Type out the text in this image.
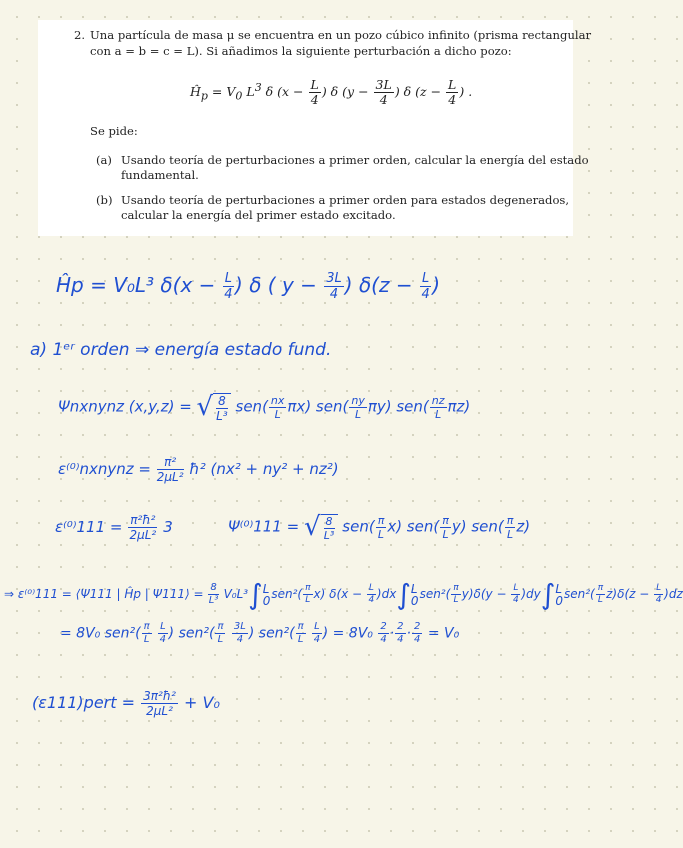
2. Una partícula de masa μ se encuentra en un pozo cúbico infinito (prisma rectangular
con a = b = c = L). Si añadimos la siguiente perturbación a dicho pozo:
$Ĥ_p = V_0$ $L^3$ δ ($x - \frac{L}{4}$ ) δ ($y - \frac{3L}{4}$ ) δ ($z - \frac{L}{4}$ ) .
Se pide:
(a) Usando teoría de perturbaciones a primer orden, calcular la energía del estado
fundamental.
(b) Usando teoría de perturbaciones a primer orden para estados degenerados,
calcular la energía del primer estado excitado.
Ĥp = V₀L³ $\delta(x - \frac{L}{4}$ ) δ ( $y - \frac{3L}{4}$ ) $\delta(z - \frac{L}{4}$ )
a) 1ᵉʳ orden ⇒ energía estado fund.
Ψnxnynz (x,y,z) = √ $\frac{8}{\text{L³}} sen( \frac{nx}{L} \pi x)$ $sen( \frac{ny}{L} \pi y)$ $sen( \frac{nz}{L} \pi z)$
ε⁽⁰⁾nxnynz = $\frac{\text{π²}}{\text{2μL²}}$ ħ² (nx² + ny² + nz²)
$\varepsilon^{(0)}111 = \frac{\text{π²ħ²}}{\text{2μL²}} 3$	Ψ⁽⁰⁾111 = √ $\frac{8}{\text{L³}} sen( \frac{\pi}{L} x)$ $sen( \frac{\pi}{L} y)$ $sen( \frac{\pi}{L} z)$
⇒ ε⁽⁰⁾111 = ⟨Ψ111 | Ĥp | Ψ111⟩ = $\frac{8}{\text{L³}} V_0L^3\int$ L
0 $sen^2( \frac{\pi}{L} x)$ $\delta(x - \frac{L}{4} )dx\int$ L
0 $sen^2( \frac{\pi}{L} y)\delta(y - \frac{L}{4} )dy\int$ L
0 $sen^2( \frac{\pi}{L} z)\delta(z - \frac{L}{4} )dz$
= 8V₀ $sen^2( \frac{\pi}{L}$
$\frac{L}{4}$ ) $sen^2( \frac{\pi}{L}$
$\frac{3L}{4}$ ) $sen^2( \frac{\pi}{L}$
$\frac{L}{4}$ ) = $8V_0 \frac{2}{4} \cdot \frac{2}{4} \cdot \frac{2}{4} = V_0$
(ε111)pert = $\frac{\text{3π²ħ²}}{\text{2μL²}} + V_0$
